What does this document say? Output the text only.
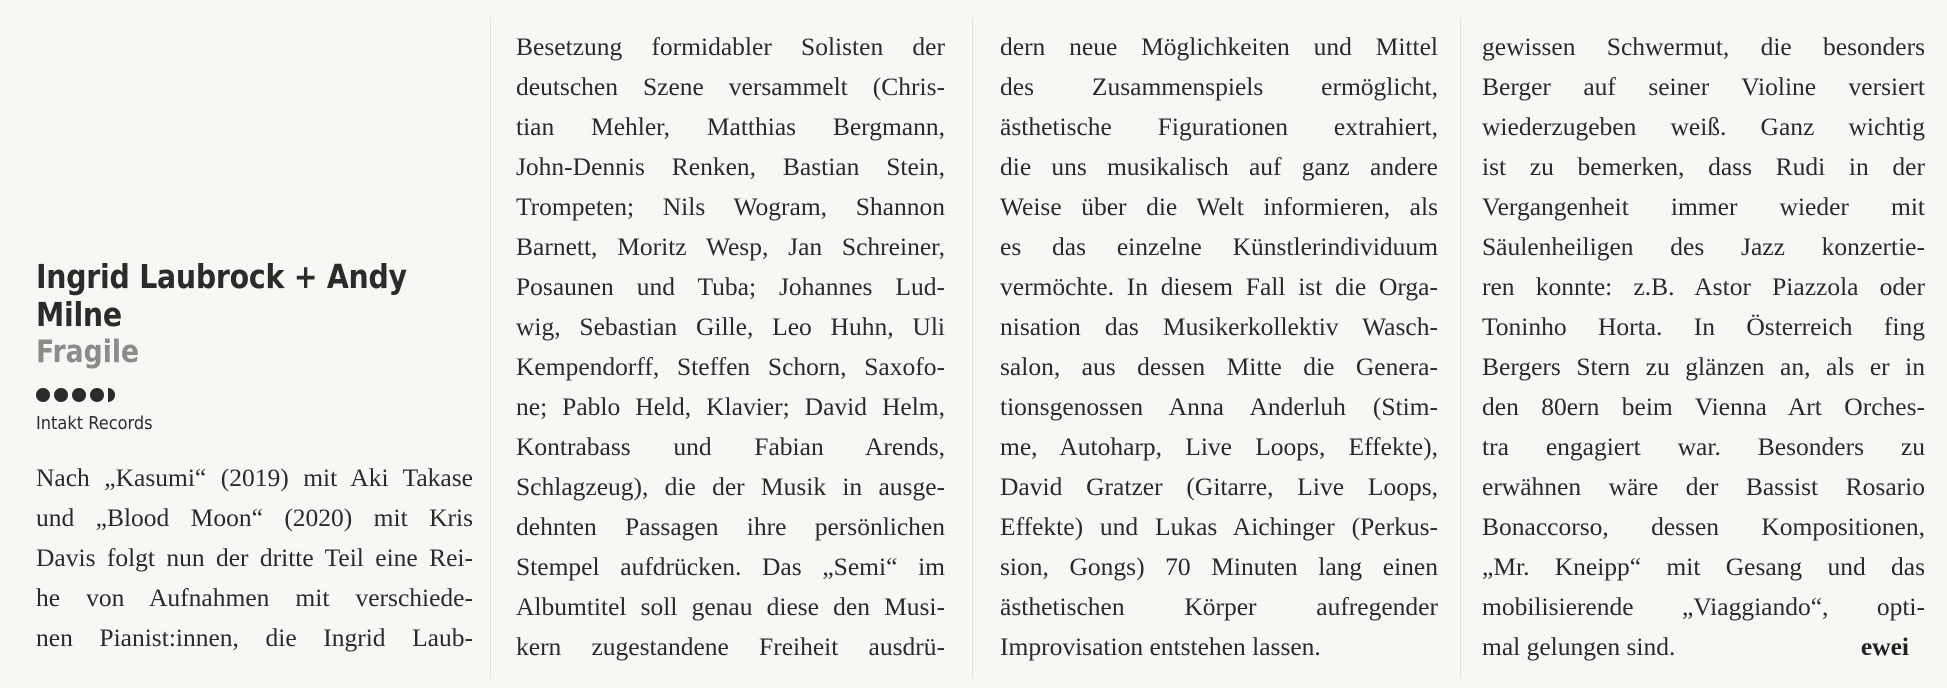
Ingrid Laubrock + Andy
Milne
Fragile
Intakt Records
Nach „Kasumi“ (2019) mit Aki Takase
und „Blood Moon“ (2020) mit Kris
Davis folgt nun der dritte Teil eine Rei-
he von Aufnahmen mit verschiede-
nen Pianist:innen, die Ingrid Laub-
Besetzung formidabler Solisten der
deutschen Szene versammelt (Chris-
tian Mehler, Matthias Bergmann,
John-Dennis Renken, Bastian Stein,
Trompeten; Nils Wogram, Shannon
Barnett, Moritz Wesp, Jan Schreiner,
Posaunen und Tuba; Johannes Lud-
wig, Sebastian Gille, Leo Huhn, Uli
Kempendorff, Steffen Schorn, Saxofo-
ne; Pablo Held, Klavier; David Helm,
Kontrabass und Fabian Arends,
Schlagzeug), die der Musik in ausge-
dehnten Passagen ihre persönlichen
Stempel aufdrücken. Das „Semi“ im
Albumtitel soll genau diese den Musi-
kern zugestandene Freiheit ausdrü-
dern neue Möglichkeiten und Mittel
des Zusammenspiels ermöglicht,
ästhetische Figurationen extrahiert,
die uns musikalisch auf ganz andere
Weise über die Welt informieren, als
es das einzelne Künstlerindividuum
vermöchte. In diesem Fall ist die Orga-
nisation das Musikerkollektiv Wasch-
salon, aus dessen Mitte die Genera-
tionsgenossen Anna Anderluh (Stim-
me, Autoharp, Live Loops, Effekte),
David Gratzer (Gitarre, Live Loops,
Effekte) und Lukas Aichinger (Perkus-
sion, Gongs) 70 Minuten lang einen
ästhetischen Körper aufregender
Improvisation entstehen lassen.	ewei
gewissen Schwermut, die besonders
Berger auf seiner Violine versiert
wiederzugeben weiß. Ganz wichtig
ist zu bemerken, dass Rudi in der
Vergangenheit immer wieder mit
Säulenheiligen des Jazz konzertie-
ren konnte: z.B. Astor Piazzola oder
Toninho Horta. In Österreich fing
Bergers Stern zu glänzen an, als er in
den 80ern beim Vienna Art Orches-
tra engagiert war. Besonders zu
erwähnen wäre der Bassist Rosario
Bonaccorso, dessen Kompositionen,
„Mr. Kneipp“ mit Gesang und das
mobilisierende „Viaggiando“, opti-
mal gelungen sind.
